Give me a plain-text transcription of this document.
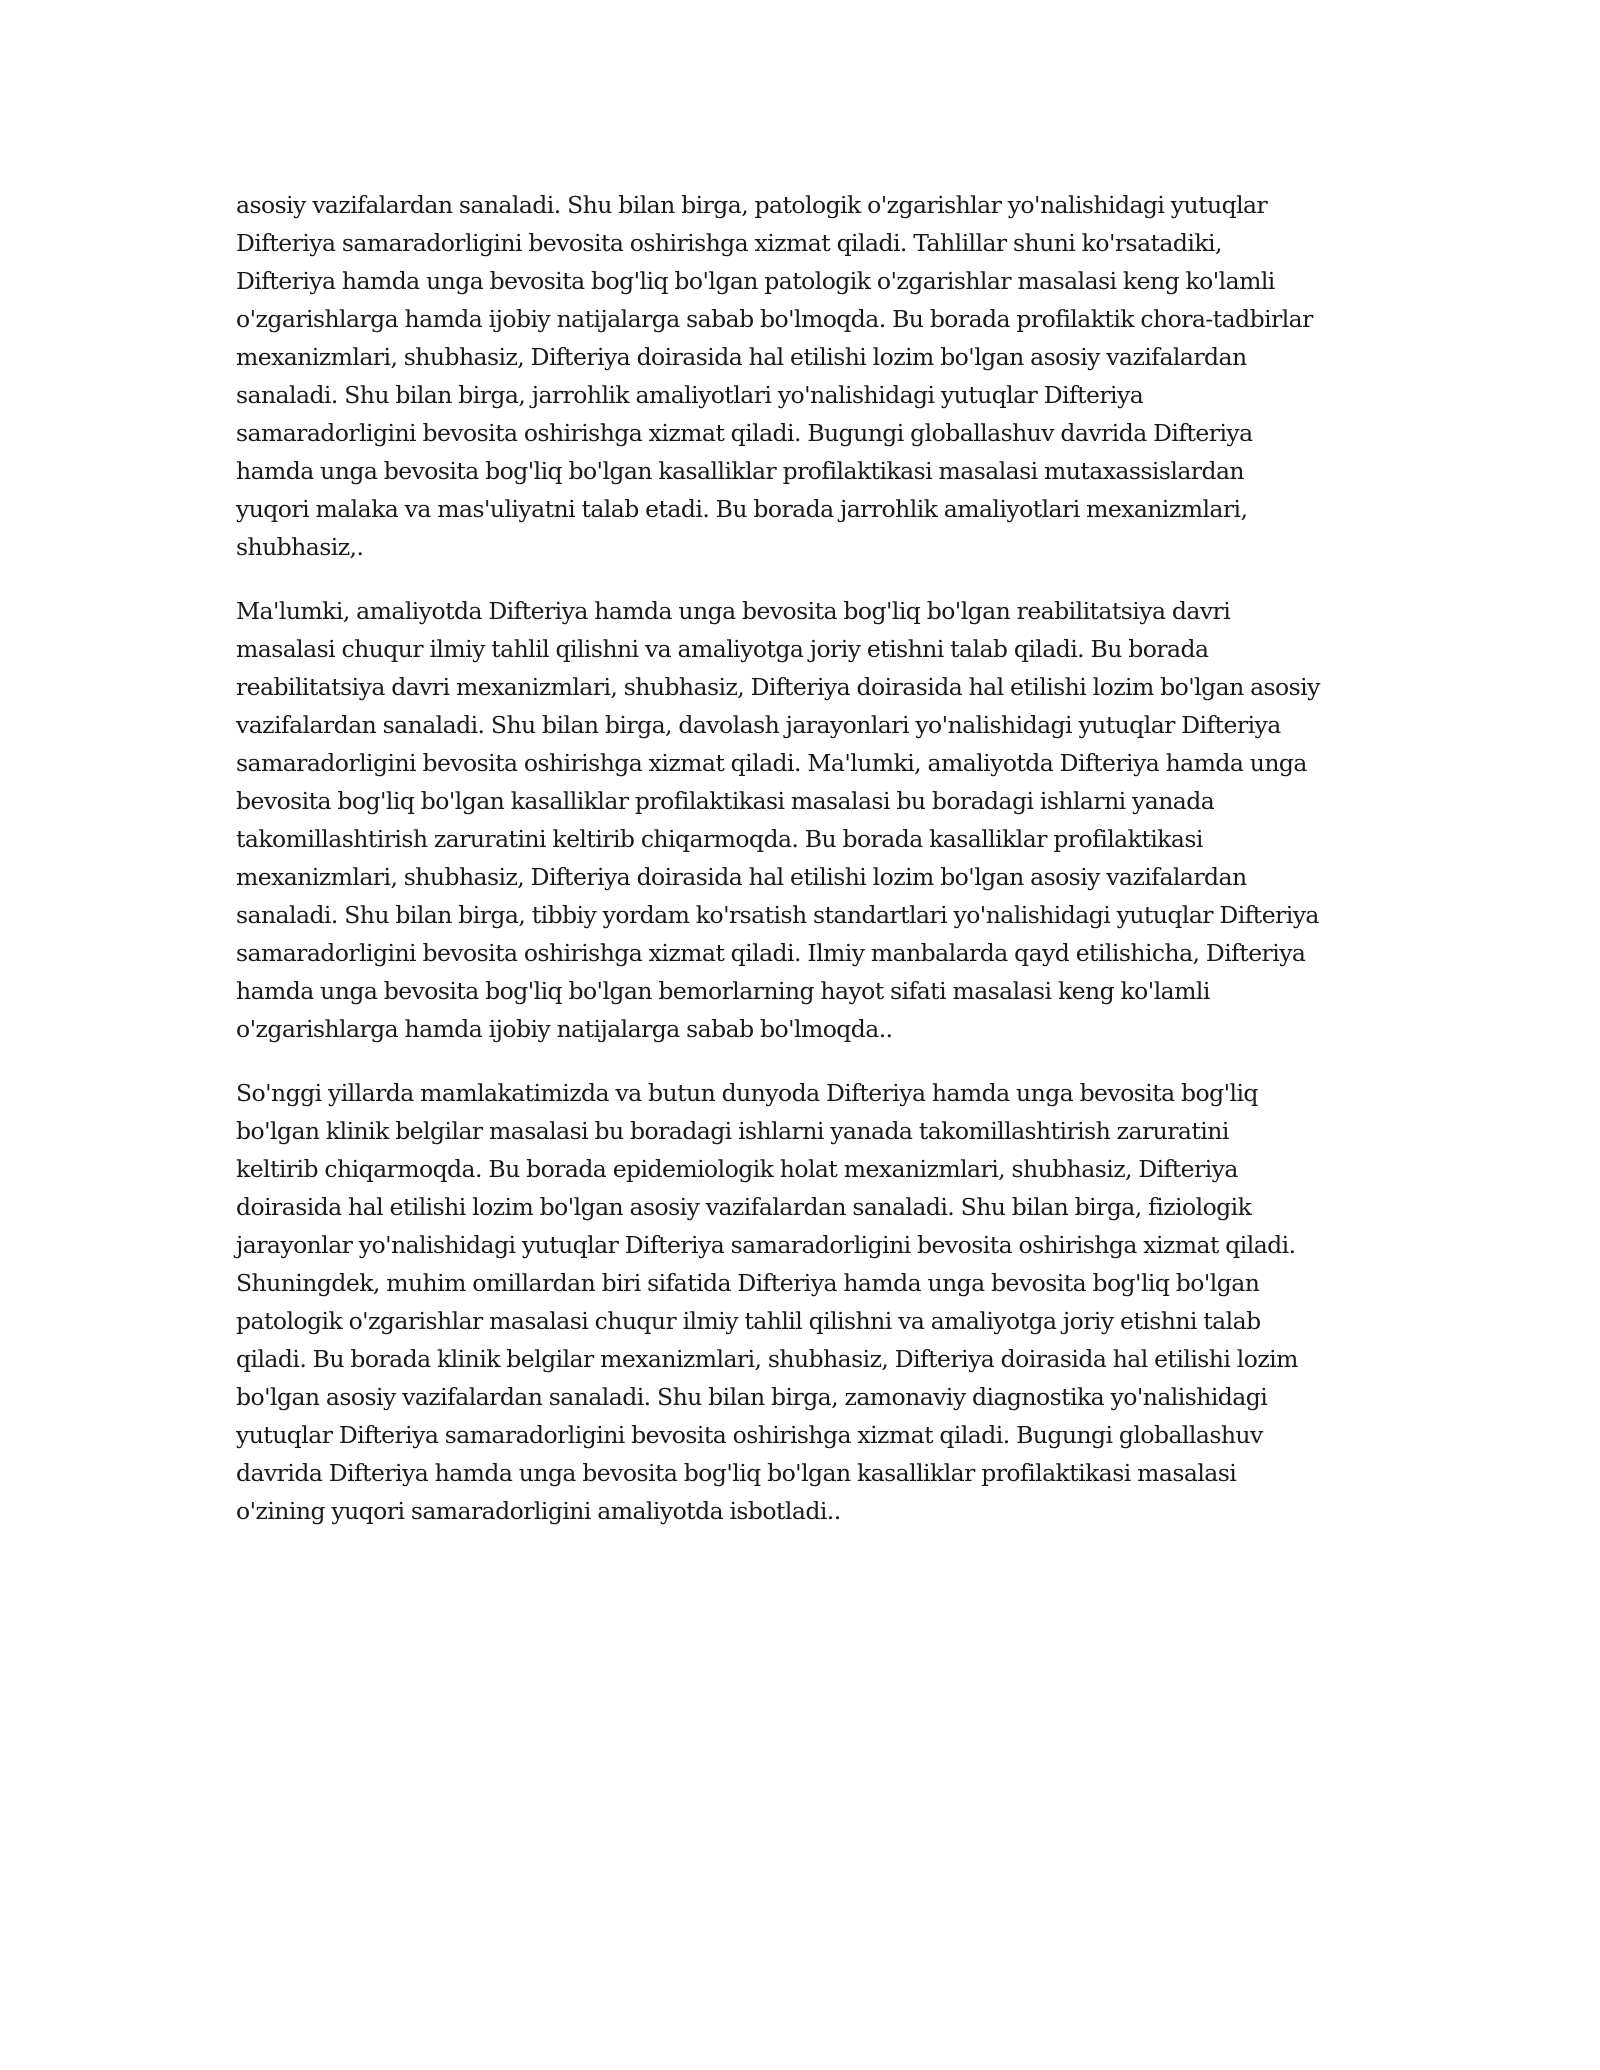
asosiy vazifalardan sanaladi. Shu bilan birga, patologik o'zgarishlar yo'nalishidagi yutuqlar
Difteriya samaradorligini bevosita oshirishga xizmat qiladi. Tahlillar shuni ko'rsatadiki,
Difteriya hamda unga bevosita bog'liq bo'lgan patologik o'zgarishlar masalasi keng ko'lamli
o'zgarishlarga hamda ijobiy natijalarga sabab bo'lmoqda. Bu borada profilaktik chora-tadbirlar
mexanizmlari, shubhasiz, Difteriya doirasida hal etilishi lozim bo'lgan asosiy vazifalardan
sanaladi. Shu bilan birga, jarrohlik amaliyotlari yo'nalishidagi yutuqlar Difteriya
samaradorligini bevosita oshirishga xizmat qiladi. Bugungi globallashuv davrida Difteriya
hamda unga bevosita bog'liq bo'lgan kasalliklar profilaktikasi masalasi mutaxassislardan
yuqori malaka va mas'uliyatni talab etadi. Bu borada jarrohlik amaliyotlari mexanizmlari,
shubhasiz,.

Ma'lumki, amaliyotda Difteriya hamda unga bevosita bog'liq bo'lgan reabilitatsiya davri
masalasi chuqur ilmiy tahlil qilishni va amaliyotga joriy etishni talab qiladi. Bu borada
reabilitatsiya davri mexanizmlari, shubhasiz, Difteriya doirasida hal etilishi lozim bo'lgan asosiy
vazifalardan sanaladi. Shu bilan birga, davolash jarayonlari yo'nalishidagi yutuqlar Difteriya
samaradorligini bevosita oshirishga xizmat qiladi. Ma'lumki, amaliyotda Difteriya hamda unga
bevosita bog'liq bo'lgan kasalliklar profilaktikasi masalasi bu boradagi ishlarni yanada
takomillashtirish zaruratini keltirib chiqarmoqda. Bu borada kasalliklar profilaktikasi
mexanizmlari, shubhasiz, Difteriya doirasida hal etilishi lozim bo'lgan asosiy vazifalardan
sanaladi. Shu bilan birga, tibbiy yordam ko'rsatish standartlari yo'nalishidagi yutuqlar Difteriya
samaradorligini bevosita oshirishga xizmat qiladi. Ilmiy manbalarda qayd etilishicha, Difteriya
hamda unga bevosita bog'liq bo'lgan bemorlarning hayot sifati masalasi keng ko'lamli
o'zgarishlarga hamda ijobiy natijalarga sabab bo'lmoqda..

So'nggi yillarda mamlakatimizda va butun dunyoda Difteriya hamda unga bevosita bog'liq
bo'lgan klinik belgilar masalasi bu boradagi ishlarni yanada takomillashtirish zaruratini
keltirib chiqarmoqda. Bu borada epidemiologik holat mexanizmlari, shubhasiz, Difteriya
doirasida hal etilishi lozim bo'lgan asosiy vazifalardan sanaladi. Shu bilan birga, fiziologik
jarayonlar yo'nalishidagi yutuqlar Difteriya samaradorligini bevosita oshirishga xizmat qiladi.
Shuningdek, muhim omillardan biri sifatida Difteriya hamda unga bevosita bog'liq bo'lgan
patologik o'zgarishlar masalasi chuqur ilmiy tahlil qilishni va amaliyotga joriy etishni talab
qiladi. Bu borada klinik belgilar mexanizmlari, shubhasiz, Difteriya doirasida hal etilishi lozim
bo'lgan asosiy vazifalardan sanaladi. Shu bilan birga, zamonaviy diagnostika yo'nalishidagi
yutuqlar Difteriya samaradorligini bevosita oshirishga xizmat qiladi. Bugungi globallashuv
davrida Difteriya hamda unga bevosita bog'liq bo'lgan kasalliklar profilaktikasi masalasi
o'zining yuqori samaradorligini amaliyotda isbotladi..
